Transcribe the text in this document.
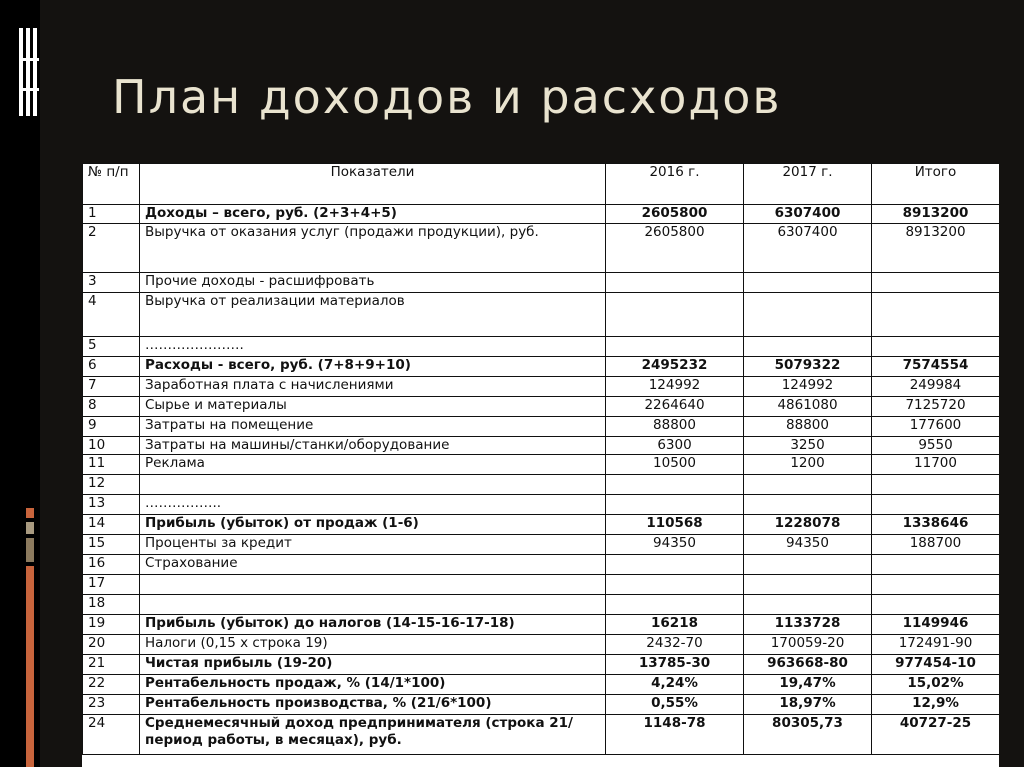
План доходов и расходов
№ п/п	Показатели	2016 г.	2017 г.	Итого
1	Доходы – всего, руб. (2+3+4+5)	2605800	6307400	8913200
2	Выручка от оказания услуг (продажи продукции), руб.	2605800	6307400	8913200
3	Прочие доходы - расшифровать			
4	Выручка от реализации материалов			
5	………………….			
6	Расходы - всего, руб. (7+8+9+10)	2495232	5079322	7574554
7	Заработная плата с начислениями	124992	124992	249984
8	Сырье и материалы	2264640	4861080	7125720
9	Затраты на помещение	88800	88800	177600
10	Затраты на машины/станки/оборудование	6300	3250	9550
11	Реклама	10500	1200	11700
12				
13	……………..			
14	Прибыль (убыток) от продаж (1-6)	110568	1228078	1338646
15	Проценты за кредит	94350	94350	188700
16	Страхование			
17				
18				
19	Прибыль (убыток) до налогов (14-15-16-17-18)	16218	1133728	1149946
20	Налоги (0,15 х строка 19)	2432-70	170059-20	172491-90
21	Чистая прибыль (19-20)	13785-30	963668-80	977454-10
22	Рентабельность продаж, % (14/1*100)	4,24%	19,47%	15,02%
23	Рентабельность производства, % (21/6*100)	0,55%	18,97%	12,9%
24	Среднемесячный доход предпринимателя (строка 21/период работы, в месяцах), руб.	1148-78	80305,73	40727-25
